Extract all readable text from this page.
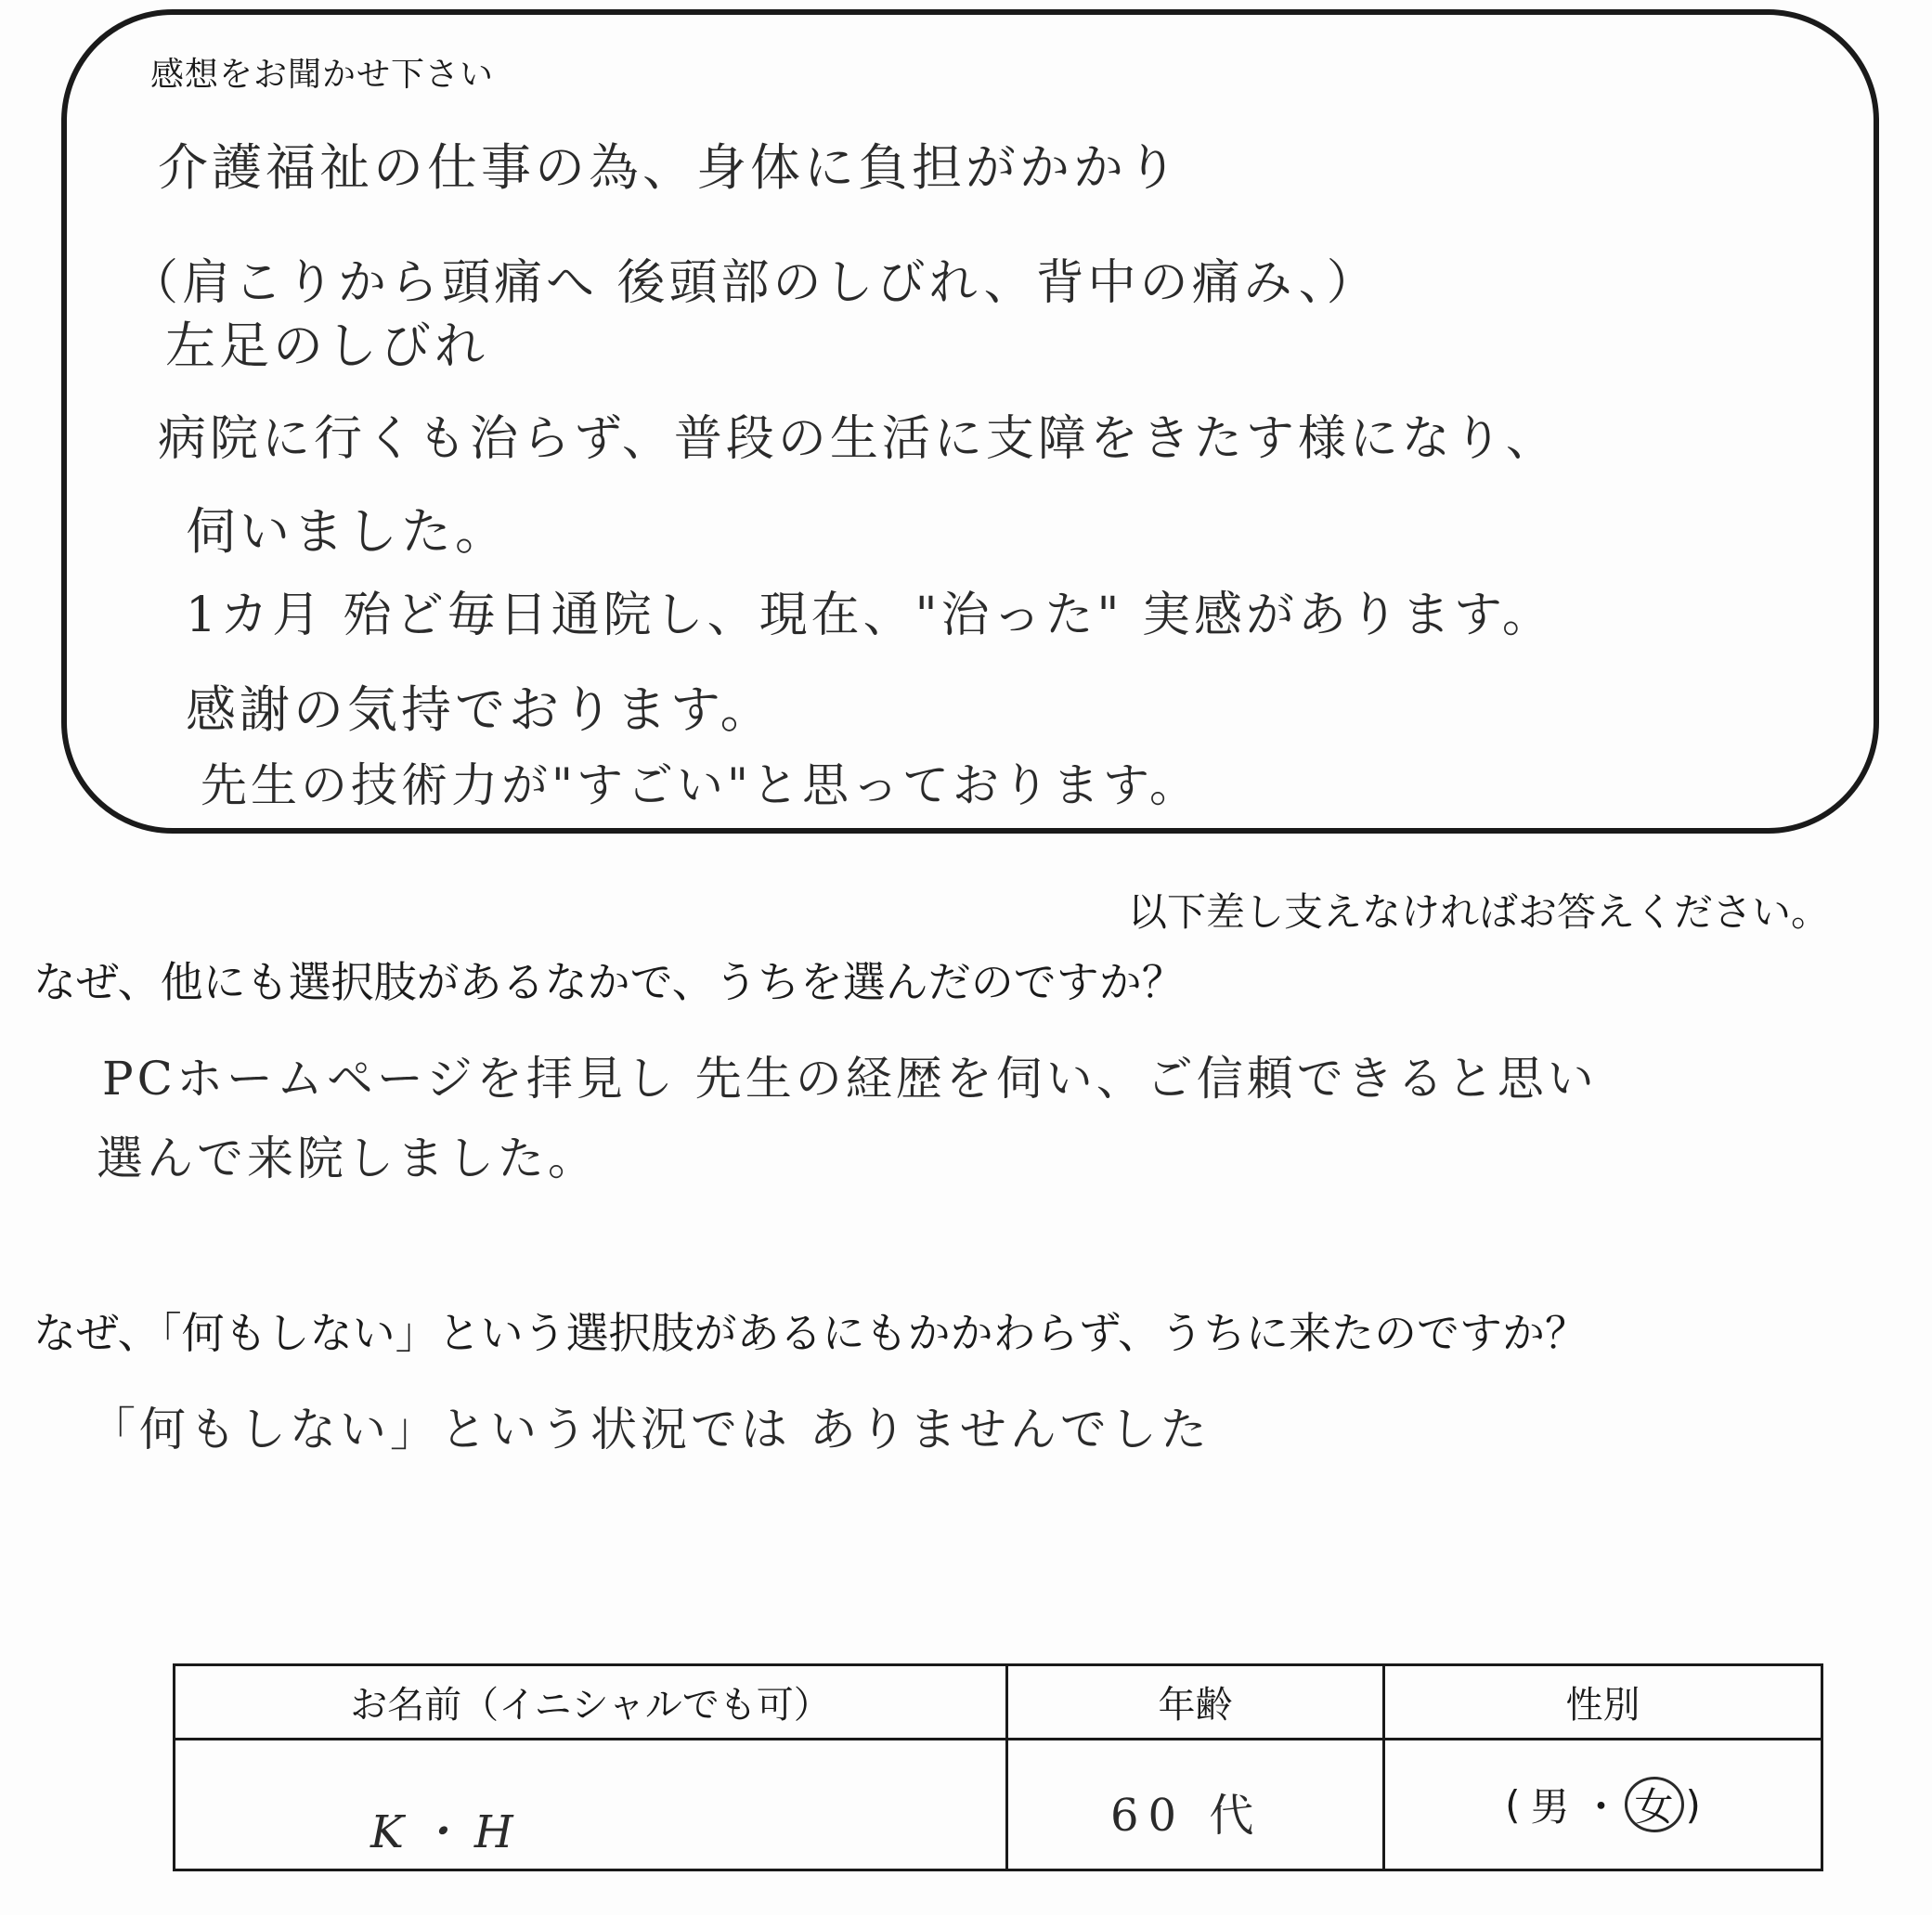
感想をお聞かせ下さい
介護福祉の仕事の為、身体に負担がかかり
（肩こりから頭痛へ 後頭部のしびれ、背中の痛み、）
左足のしびれ
病院に行くも治らず、普段の生活に支障をきたす様になり、
伺いました。
1カ月 殆ど毎日通院し、現在、"治った" 実感があります。
感謝の気持でおります。
先生の技術力が"すごい"と思っております。
以下差し支えなければお答えください。
なぜ、他にも選択肢があるなかで、うちを選んだのですか？
PCホームページを拝見し 先生の経歴を伺い、ご信頼できると思い
選んで来院しました。
なぜ、「何もしない」という選択肢があるにもかかわらず、うちに来たのですか？
「何もしない」という状況では ありませんでした
お名前（イニシャルでも可）	年齢	性別
K・H	60 代	( 男 ・ 女 )
